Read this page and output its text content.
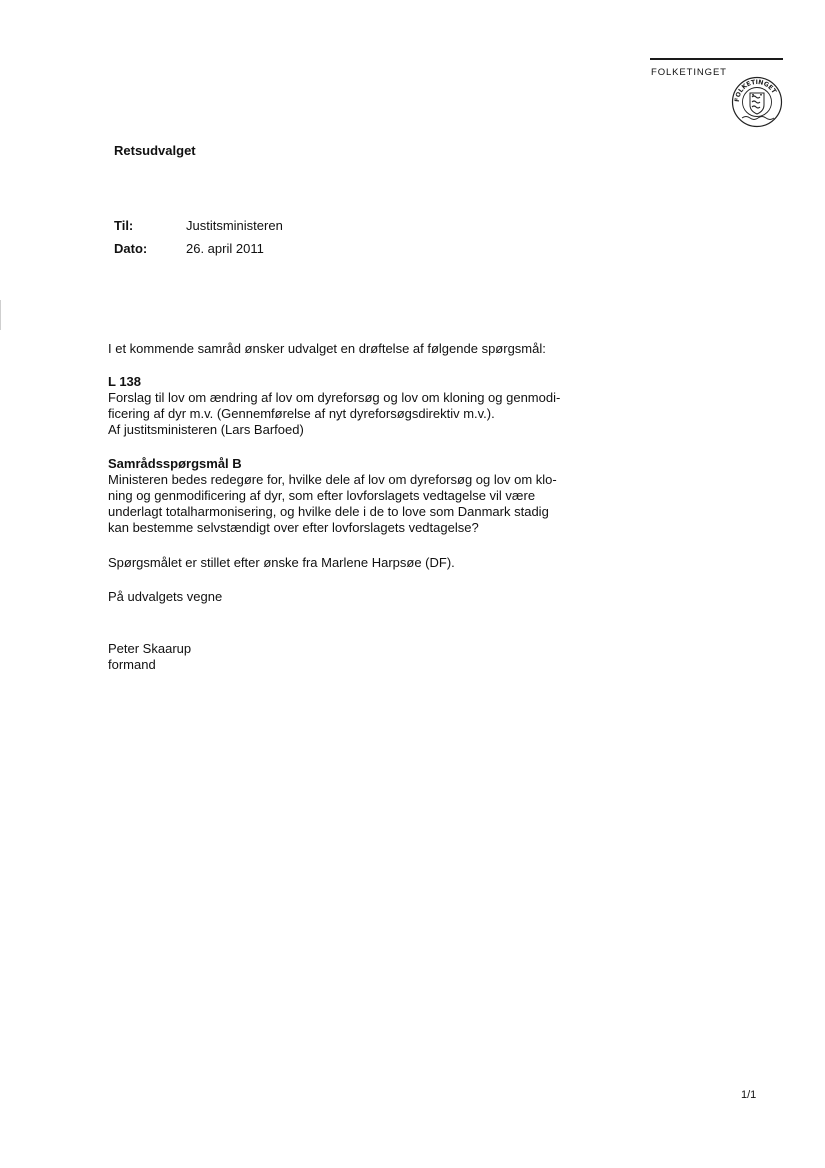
FOLKETINGET
FOLKETINGET
Retsudvalget
Til:	Justitsministeren
Dato:	26. april 2011
I et kommende samråd ønsker udvalget en drøftelse af følgende spørgsmål:
L 138
Forslag til lov om ændring af lov om dyreforsøg og lov om kloning og genmodi-
ficering af dyr m.v. (Gennemførelse af nyt dyreforsøgsdirektiv m.v.).
Af justitsministeren (Lars Barfoed)
Samrådsspørgsmål B
Ministeren bedes redegøre for, hvilke dele af lov om dyreforsøg og lov om klo-
ning og genmodificering af dyr, som efter lovforslagets vedtagelse vil være
underlagt totalharmonisering, og hvilke dele i de to love som Danmark stadig
kan bestemme selvstændigt over efter lovforslagets vedtagelse?
Spørgsmålet er stillet efter ønske fra Marlene Harpsøe (DF).
På udvalgets vegne
Peter Skaarup
formand
1/1
